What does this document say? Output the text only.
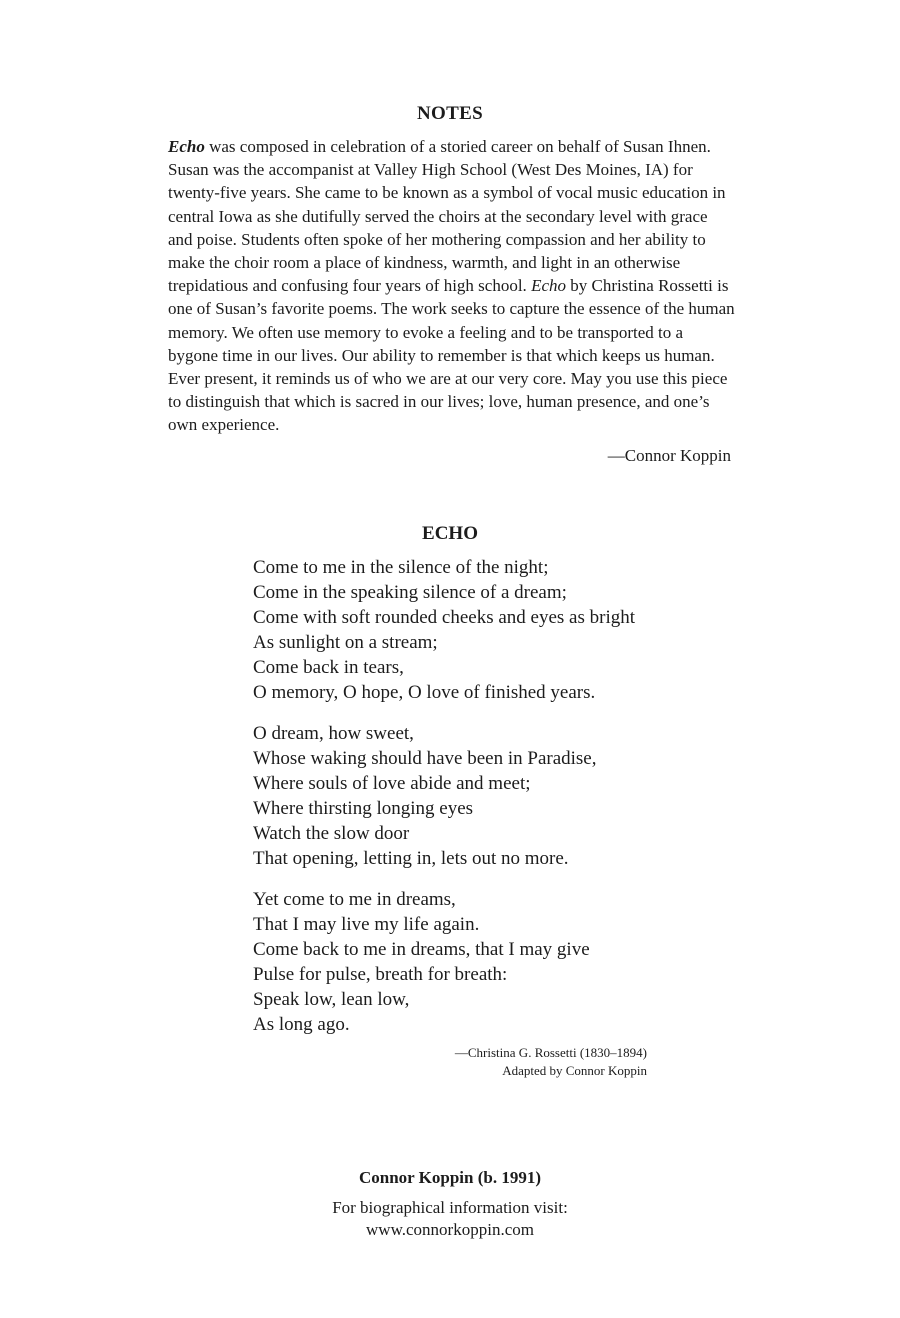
NOTES
Echo was composed in celebration of a storied career on behalf of Susan Ihnen. Susan was the accompanist at Valley High School (West Des Moines, IA) for twenty-five years. She came to be known as a symbol of vocal music education in central Iowa as she dutifully served the choirs at the secondary level with grace and poise. Students often spoke of her mothering compassion and her ability to make the choir room a place of kindness, warmth, and light in an otherwise trepidatious and confusing four years of high school. Echo by Christina Rossetti is one of Susan’s favorite poems. The work seeks to capture the essence of the human memory. We often use memory to evoke a feeling and to be transported to a bygone time in our lives. Our ability to remember is that which keeps us human. Ever present, it reminds us of who we are at our very core. May you use this piece to distinguish that which is sacred in our lives; love, human presence, and one’s own experience.
—Connor Koppin
ECHO
Come to me in the silence of the night;
Come in the speaking silence of a dream;
Come with soft rounded cheeks and eyes as bright
As sunlight on a stream;
Come back in tears,
O memory, O hope, O love of finished years.
O dream, how sweet,
Whose waking should have been in Paradise,
Where souls of love abide and meet;
Where thirsting longing eyes
Watch the slow door
That opening, letting in, lets out no more.
Yet come to me in dreams,
That I may live my life again.
Come back to me in dreams, that I may give
Pulse for pulse, breath for breath:
Speak low, lean low,
As long ago.
—Christina G. Rossetti (1830–1894)
Adapted by Connor Koppin
Connor Koppin (b. 1991)
For biographical information visit:
www.connorkoppin.com
